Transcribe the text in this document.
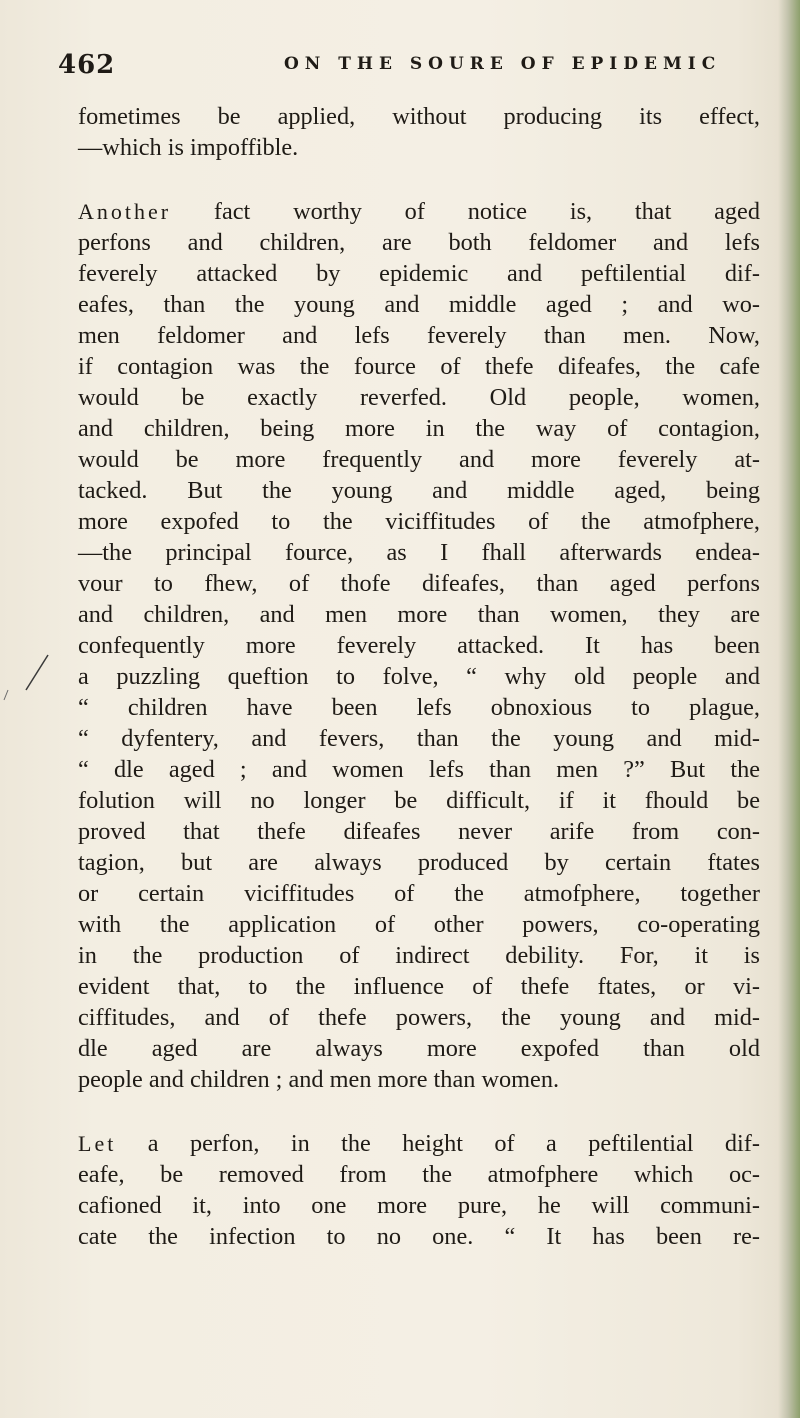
462	ON THE SOURE OF EPIDEMIC
fometimes be applied, without producing its effect,
—which is impoffible.
Another fact worthy of notice is, that aged
perfons and children, are both feldomer and lefs
feverely attacked by epidemic and peftilential dif-
eafes, than the young and middle aged ; and wo-
men feldomer and lefs feverely than men. Now,
if contagion was the fource of thefe difeafes, the cafe
would be exactly reverfed. Old people, women,
and children, being more in the way of contagion,
would be more frequently and more feverely at-
tacked. But the young and middle aged, being
more expofed to the viciffitudes of the atmofphere,
—the principal fource, as I fhall afterwards endea-
vour to fhew, of thofe difeafes, than aged perfons
and children, and men more than women, they are
confequently more feverely attacked. It has been
a puzzling queftion to folve, “ why old people and
“ children have been lefs obnoxious to plague,
“ dyfentery, and fevers, than the young and mid-
“ dle aged ; and women lefs than men ?” But the
folution will no longer be difficult, if it fhould be
proved that thefe difeafes never arife from con-
tagion, but are always produced by certain ftates
or certain viciffitudes of the atmofphere, together
with the application of other powers, co-operating
in the production of indirect debility. For, it is
evident that, to the influence of thefe ftates, or vi-
ciffitudes, and of thefe powers, the young and mid-
dle aged are always more expofed than old
people and children ; and men more than women.
Let a perfon, in the height of a peftilential dif-
eafe, be removed from the atmofphere which oc-
cafioned it, into one more pure, he will communi-
cate the infection to no one. “ It has been re-
